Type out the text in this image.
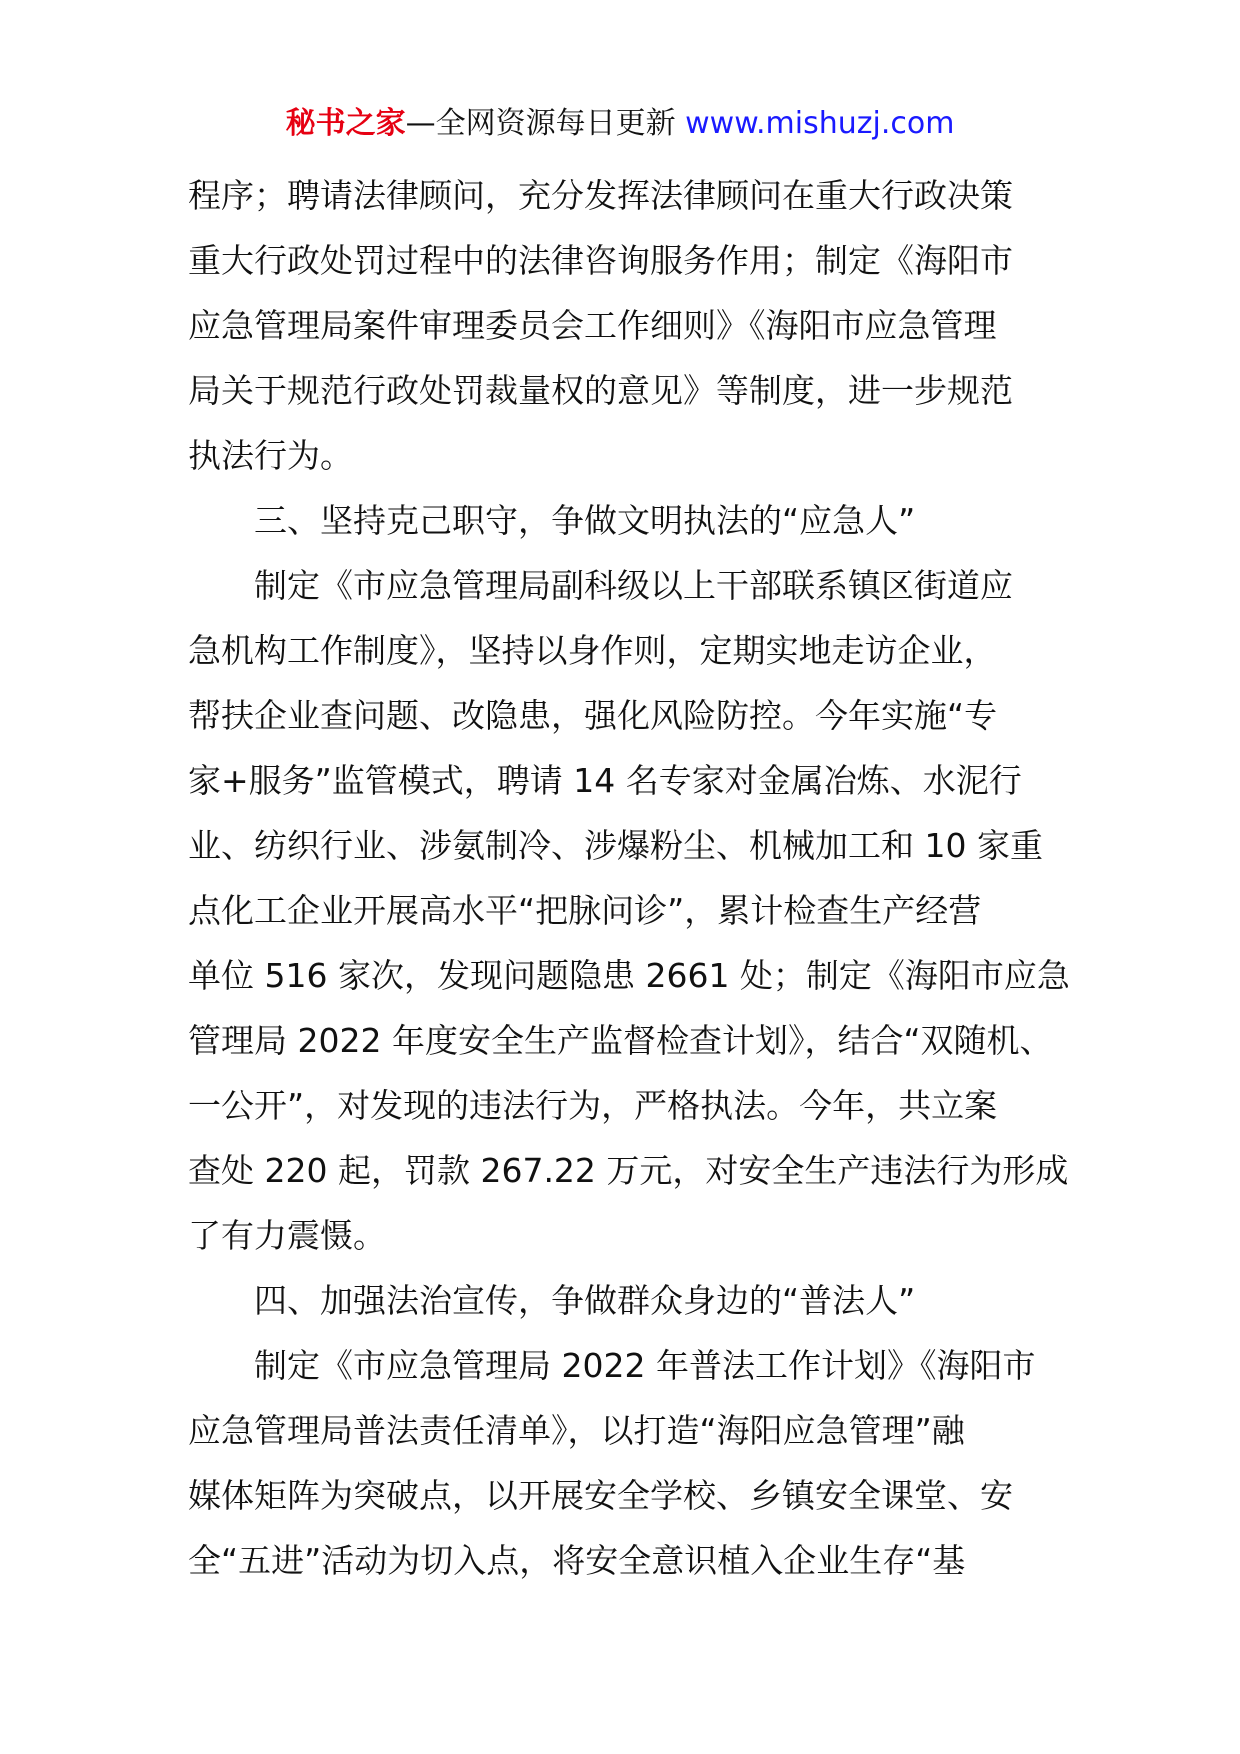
秘书之家—全网资源每日更新 www.mishuzj.com
程序；聘请法律顾问，充分发挥法律顾问在重大行政决策
重大行政处罚过程中的法律咨询服务作用；制定《海阳市
应急管理局案件审理委员会工作细则》《海阳市应急管理
局关于规范行政处罚裁量权的意见》等制度，进一步规范
执法行为。
三、坚持克己职守，争做文明执法的“应急人”
制定《市应急管理局副科级以上干部联系镇区街道应
急机构工作制度》，坚持以身作则，定期实地走访企业，
帮扶企业查问题、改隐患，强化风险防控。今年实施“专
家+服务”监管模式，聘请 14 名专家对金属冶炼、水泥行
业、纺织行业、涉氨制冷、涉爆粉尘、机械加工和 10 家重
点化工企业开展高水平“把脉问诊”，累计检查生产经营
单位 516 家次，发现问题隐患 2661 处；制定《海阳市应急
管理局 2022 年度安全生产监督检查计划》，结合“双随机、
一公开”，对发现的违法行为，严格执法。今年，共立案
查处 220 起，罚款 267.22 万元，对安全生产违法行为形成
了有力震慑。
四、加强法治宣传，争做群众身边的“普法人”
制定《市应急管理局 2022 年普法工作计划》《海阳市
应急管理局普法责任清单》，以打造“海阳应急管理”融
媒体矩阵为突破点，以开展安全学校、乡镇安全课堂、安
全“五进”活动为切入点，将安全意识植入企业生存“基
